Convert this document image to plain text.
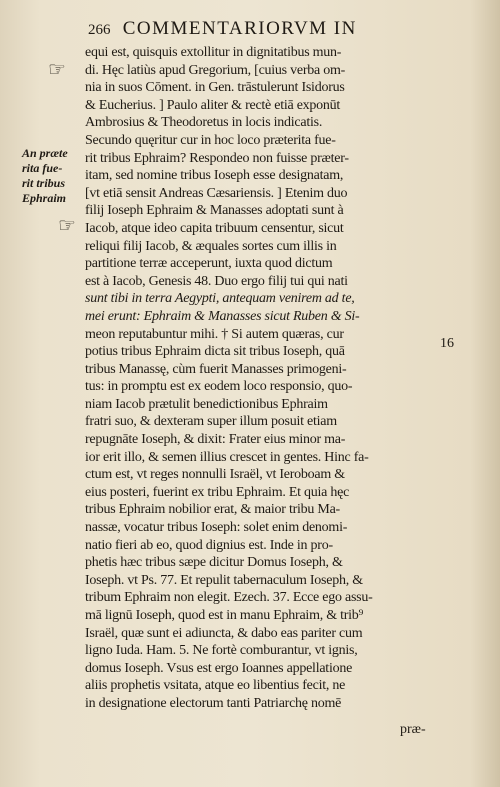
266 COMMENTARIORVM IN
☞
☞
An præte
rita fue-
rit tribus
Ephraim
16
equi est, quisquis extollitur in dignitatibus mun-
di. Hęc latiùs apud Gregorium, [cuius verba om-
nia in suos Cōment. in Gen. trāstulerunt Isidorus
& Eucherius. ] Paulo aliter & rectè etiā exponūt
Ambrosius & Theodoretus in locis indicatis.
Secundo quęritur cur in hoc loco præterita fue-
rit tribus Ephraim? Respondeo non fuisse præter-
itam, sed nomine tribus Ioseph esse designatam,
[vt etiā sensit Andreas Cæsariensis. ] Etenim duo
filij Ioseph Ephraim & Manasses adoptati sunt à
Iacob, atque ideo capita tribuum censentur, sicut
reliqui filij Iacob, & æquales sortes cum illis in
partitione terræ acceperunt, iuxta quod dictum
est à Iacob, Genesis 48. Duo ergo filij tui qui nati
sunt tibi in terra Aegypti, antequam venirem ad te,
mei erunt: Ephraim & Manasses sicut Ruben & Si-
meon reputabuntur mihi. † Si autem quæras, cur
potius tribus Ephraim dicta sit tribus Ioseph, quā
tribus Manassę, cùm fuerit Manasses primogeni-
tus: in promptu est ex eodem loco responsio, quo-
niam Iacob prætulit benedictionibus Ephraim
fratri suo, & dexteram super illum posuit etiam
repugnāte Ioseph, & dixit: Frater eius minor ma-
ior erit illo, & semen illius crescet in gentes. Hinc fa-
ctum est, vt reges nonnulli Israël, vt Ieroboam &
eius posteri, fuerint ex tribu Ephraim. Et quia hęc
tribus Ephraim nobilior erat, & maior tribu Ma-
nassæ, vocatur tribus Ioseph: solet enim denomi-
natio fieri ab eo, quod dignius est. Inde in pro-
phetis hæc tribus sæpe dicitur Domus Ioseph, &
Ioseph. vt Ps. 77. Et repulit tabernaculum Ioseph, &
tribum Ephraim non elegit. Ezech. 37. Ecce ego assu-
mā lignū Ioseph, quod est in manu Ephraim, & trib⁹
Israël, quæ sunt ei adiuncta, & dabo eas pariter cum
ligno Iuda. Ham. 5. Ne fortè comburantur, vt ignis,
domus Ioseph. Vsus est ergo Ioannes appellatione
aliis prophetis vsitata, atque eo libentius fecit, ne
in designatione electorum tanti Patriarchę nomē
præ-
